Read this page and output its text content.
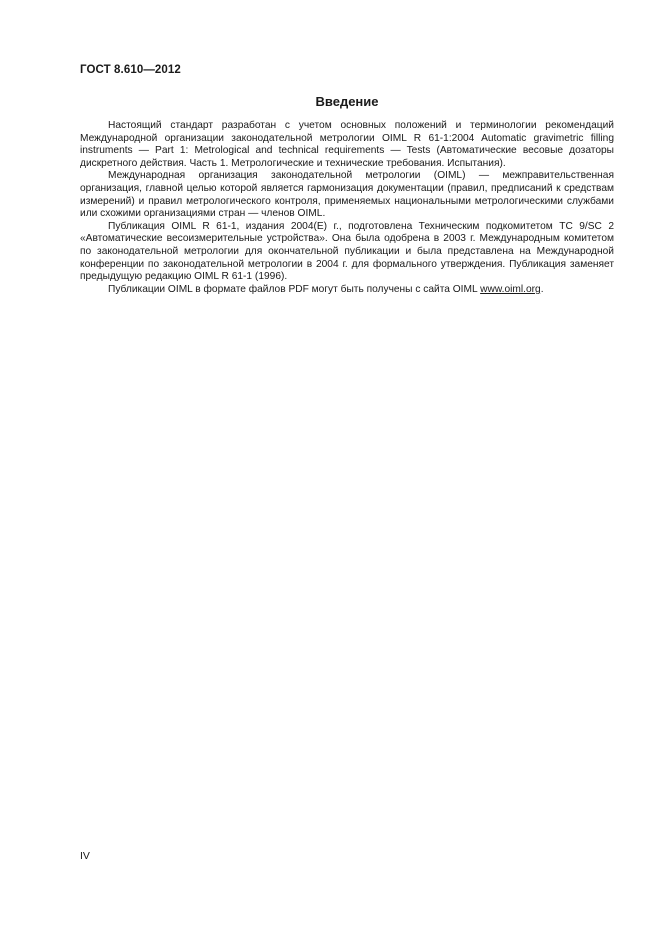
ГОСТ 8.610—2012
Введение

Настоящий стандарт разработан с учетом основных положений и терминологии рекомендаций Международной организации законодательной метрологии OIML R 61-1:2004 Automatic gravimetric filling instruments — Part 1: Metrological and technical requirements — Tests (Автоматические весовые дозаторы дискретного действия. Часть 1. Метрологические и технические требования. Испытания).

Международная организация законодательной метрологии (OIML) — межправительственная организация, главной целью которой является гармонизация документации (правил, предписаний к средствам измерений) и правил метрологического контроля, применяемых национальными метрологическими службами или схожими организациями стран — членов OIML.

Публикация OIML R 61-1, издания 2004(E) г., подготовлена Техническим подкомитетом TC 9/SC 2 «Автоматические весоизмерительные устройства». Она была одобрена в 2003 г. Международным комитетом по законодательной метрологии для окончательной публикации и была представлена на Международной конференции по законодательной метрологии в 2004 г. для формального утверждения. Публикация заменяет предыдущую редакцию OIML R 61-1 (1996).

Публикации OIML в формате файлов PDF могут быть получены с сайта OIML www.oiml.org.

IV
